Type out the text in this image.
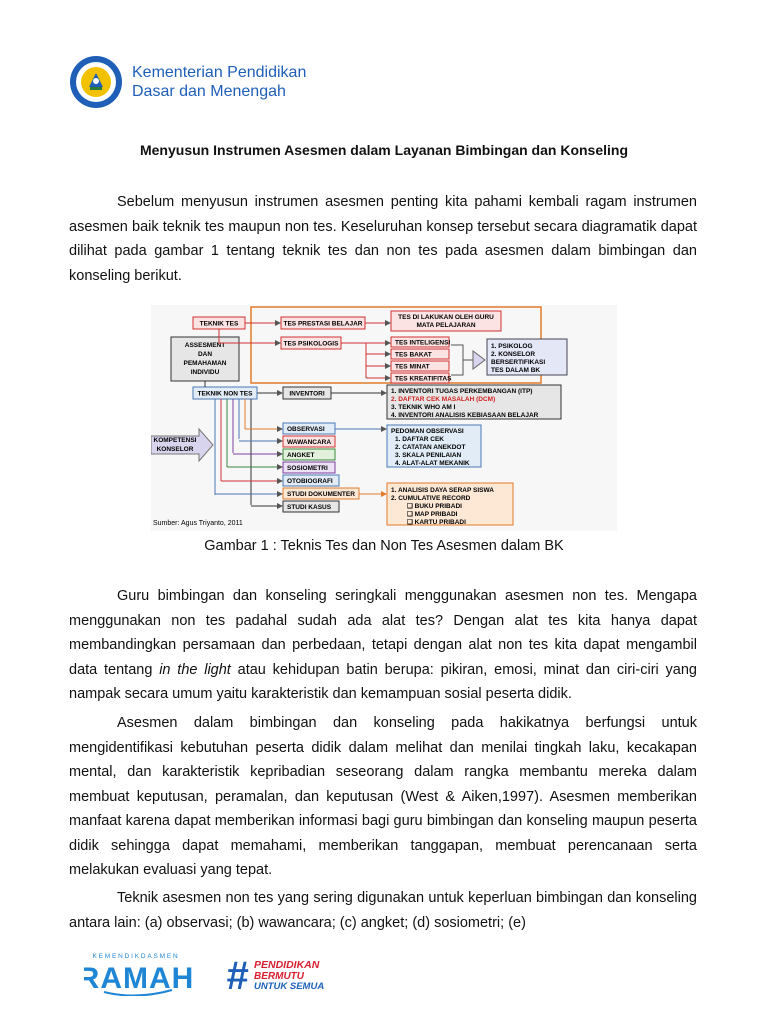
Kementerian Pendidikan
Dasar dan Menengah
Menyusun Instrumen Asesmen dalam Layanan Bimbingan dan Konseling

Sebelum menyusun instrumen asesmen penting kita pahami kembali ragam instrumen asesmen baik teknik tes maupun non tes. Keseluruhan konsep tersebut secara diagramatik dapat dilihat pada gambar 1 tentang teknik tes dan non tes pada asesmen dalam bimbingan dan konseling berikut.

TEKNIK TES
ASSESMENT
DAN
PEMAHAMAN
INDIVIDU
TES PRESTASI BELAJAR
TES DI LAKUKAN OLEH GURU
MATA PELAJARAN
TES PSIKOLOGIS	TES INTELIGENSI
TES BAKAT
TES MINAT
TES KREATIFITAS
1. PSIKOLOG
2. KONSELOR
BERSERTIFIKASI
TES DALAM BK
TEKNIK NON TES	INVENTORI	1. INVENTORI TUGAS PERKEMBANGAN (ITP)
2. DAFTAR CEK MASALAH (DCM)
3. TEKNIK WHO AM I
4. INVENTORI ANALISIS KEBIASAAN BELAJAR
KOMPETENSI
KONSELOR
OBSERVASI
WAWANCARA
ANGKET
SOSIOMETRI
OTOBIOGRAFI
STUDI DOKUMENTER
STUDI KASUS
PEDOMAN OBSERVASI
1. DAFTAR CEK
2. CATATAN ANEKDOT
3. SKALA PENILAIAN
4. ALAT-ALAT MEKANIK
1. ANALISIS DAYA SERAP SISWA
2. CUMULATIVE RECORD
❑ BUKU PRIBADI
❑ MAP PRIBADI
❑ KARTU PRIBADI
Sumber: Agus Triyanto, 2011
Gambar 1 : Teknis Tes dan Non Tes Asesmen dalam BK

Guru bimbingan dan konseling seringkali menggunakan asesmen non tes. Mengapa menggunakan non tes padahal sudah ada alat tes? Dengan alat tes kita hanya dapat membandingkan persamaan dan perbedaan, tetapi dengan alat non tes kita dapat mengambil data tentang in the light atau kehidupan batin berupa: pikiran, emosi, minat dan ciri-ciri yang nampak secara umum yaitu karakteristik dan kemampuan sosial peserta didik.

Asesmen dalam bimbingan dan konseling pada hakikatnya berfungsi untuk mengidentifikasi kebutuhan peserta didik dalam melihat dan menilai tingkah laku, kecakapan mental, dan karakteristik kepribadian seseorang dalam rangka membantu mereka dalam membuat keputusan, peramalan, dan keputusan (West & Aiken,1997). Asesmen memberikan manfaat karena dapat memberikan informasi bagi guru bimbingan dan konseling maupun peserta didik sehingga dapat memahami, memberikan tanggapan, membuat perencanaan serta melakukan evaluasi yang tepat.

Teknik asesmen non tes yang sering digunakan untuk keperluan bimbingan dan konseling antara lain: (a) observasi; (b) wawancara; (c) angket; (d) sosiometri; (e)

KEMENDIKDASMEN
RAMAH # PENDIDIKAN
BERMUTU
UNTUK SEMUA
